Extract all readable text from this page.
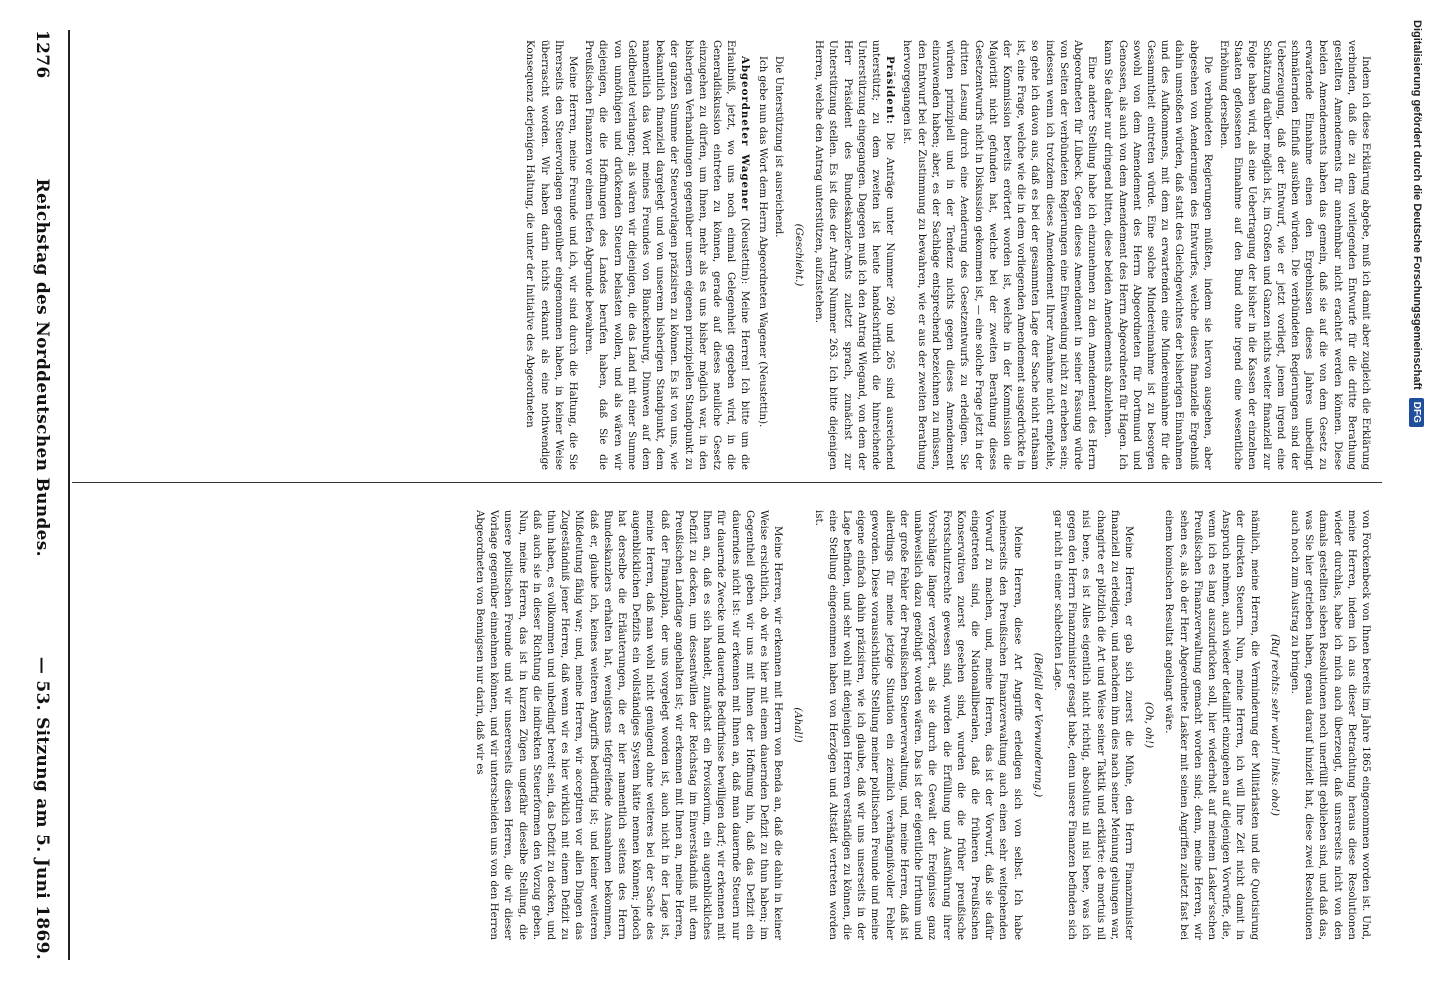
1276
Reichstag des Norddeutschen Bundes.
— 53. Sitzung am 5. Juni 1869.

Indem ich diese Erklärung abgebe, muß ich damit aber zugleich die Erklärung verbinden, daß die zu dem vorliegenden Entwurfe für die dritte Berathung gestellten Amendements für annehmbar nicht erachtet werden können. Diese beiden Amendements haben das gemein, daß sie auf die von dem Gesetz zu erwartende Einnahme einen den Ergebnissen dieses Jahres unbedingt schmälernden Einfluß ausüben würden. Die verbündeten Regierungen sind der Ueberzeugung, daß der Entwurf, wie er jetzt vorliegt, jenem irgend eine Schätzung darüber möglich ist, im Großen und Ganzen nichts weiter finanziell zur Folge haben wird, als eine Uebertragung der bisher in die Kassen der einzelnen Staaten geflossenen Einnahme auf den Bund ohne irgend eine wesentliche Erhöhung derselben.

Die verbündeten Regierungen müßten, indem sie hiervon ausgehen, aber abgesehen von Aenderungen des Entwurfes, welche dieses finanzielle Ergebniß dahin umstoßen würden, daß statt des Gleichgewichtes der bisherigen Einnahmen und des Aufkommens, mit dem zu erwartenden eine Mindereinnahme für die Gesammtheit eintreten würde. Eine solche Mindereinnahme ist zu besorgen sowohl von dem Amendement des Herrn Abgeordneten für Dortmund und Genossen, als auch von dem Amendement des Herrn Abgeordneten für Hagen. Ich kann Sie daher nur dringend bitten, diese beiden Amendements abzulehnen.

Eine andere Stellung habe ich einzunehmen zu dem Amendement des Herrn Abgeordneten für Lübeck. Gegen dieses Amendement in seiner Fassung würde von Seiten der verbündeten Regierungen eine Einwendung nicht zu erheben sein; indessen wenn ich trotzdem dieses Amendement Ihrer Annahme nicht empfehle, so gehe ich davon aus, daß es bei der gesammten Lage der Sache nicht rathsam ist, eine Frage, welche wie die in dem vorliegenden Amendement ausgedrückte in der Kommission bereits erörtert worden ist, welche in der Kommission die Majorität nicht gefunden hat, welche bei der zweiten Berathung dieses Gesetzentwurfs nicht in Diskussion gekommen ist, — eine solche Frage jetzt in der dritten Lesung durch eine Aenderung des Gesetzentwurfs zu erledigen. Sie würden prinzipiell und in der Tendenz nichts gegen dieses Amendement einzuwenden haben; aber, es der Sachlage entsprechend bezeichnen zu müssen, den Entwurf bei der Zustimmung zu bewahren, wie er aus der zweiten Berathung hervorgegangen ist.

Präsident: Die Anträge unter Nummer 260 und 265 sind ausreichend unterstützt; zu dem zweiten ist heute handschriftlich die hinreichende Unterstützung eingegangen. Dagegen muß ich den Antrag Wiegand, von dem der Herr Präsident des Bundeskanzler-Amts zuletzt sprach, zunächst zur Unterstützung stellen. Es ist dies der Antrag Nummer 263. Ich bitte diejenigen Herren, welche den Antrag unterstützen, aufzustehen.

(Geschieht.)

Die Unterstützung ist ausreichend.

Ich gebe nun das Wort dem Herrn Abgeordneten Wagener (Neustettin).

Abgeordneter Wagener (Neustettin): Meine Herren! Ich bitte um die Erlaubniß, jetzt, wo uns noch einmal Gelegenheit gegeben wird, in die Generaldiskussion eintreten zu können, gerade auf dieses neuliche Gesetz einzugehen zu dürfen, um Ihnen, mehr als es uns bisher möglich war, in den bisherigen Verhandlungen gegenüber unsern eigenen prinzipiellen Standpunkt zu der ganzen Summe der Steuervorlagen präzisiren zu können. Es ist von uns, wie bekanntlich finanziell dargelegt und von unserem bisherigen Standpunkt, dem namentlich das Wort meines Freundes von Blanckenburg, Dinnwen auf dem Geldbeutel verlangen; als wären wir diejenigen, die das Land mit einer Summe von unnöthigen und drückenden Steuern belasten wollen, und als wären wir diejenigen, die die Hoffnungen des Landes berufen haben, daß Sie die Preußischen Finanzen vor einem tiefen Abgrunde bewahren.

Meine Herren, meine Freunde und ich, wir sind durch die Haltung, die Sie Ihrerseits den Steuervorlagen gegenüber eingenommen haben, in keiner Weise überrascht worden. Wir haben darin nichts erkannt als eine nothwendige Konsequenz derjenigen Haltung, die unter der Initiative des Abgeordneten

von Forckenbeck von Ihnen bereits im Jahre 1865 eingenommen worden ist. Und, meine Herren, indem ich aus dieser Betrachtung heraus diese Resolutionen wieder durchlas, habe ich mich auch überzeugt, daß unsrerseits nicht von den damals gestellten sieben Resolutionen noch unerfüllt geblieben sind, und daß das, was Sie hier getrieben haben, genau darauf hinzielt hat, diese zwei Resolutionen auch noch zum Austrag zu bringen.

(Ruf rechts: sehr wahr! links: oho!)

nämlich, meine Herren, die Verminderung der Militärlasten und die Quotisirung der direkten Steuern. Nun, meine Herren, ich will Ihre Zeit nicht damit in Anspruch nehmen, auch wieder detaillirt einzugehen auf diejenigen Vorwürfe, die, wenn ich es lang auszudrücken soll, hier wiederholt auf meinem Lasker'sschen Preußischen Finanzverwaltung gemacht worden sind; denn, meine Herren, wir sehen es, als ob der Herr Abgeordnete Lasker mit seinen Angriffen zuletzt fast bei einem komischen Resultat angelangt wäre.

(Oh, oh!)

Meine Herren, er gab sich zuerst die Mühe, den Herrn Finanzminister finanziell zu erledigen, und nachdem ihm dies nach seiner Meinung gelungen war, changirte er plötzlich die Art und Weise seiner Taktik und erklärte: de mortuis nil nisi bene, es ist Alles eigentlich nicht richtig, absolutus nil nisi bene, was ich gegen den Herrn Finanzminister gesagt habe, denn unsere Finanzen befinden sich gar nicht in einer schlechten Lage.

(Beifall der Verwunderung.)

Meine Herren, diese Art Angriffe erledigen sich von selbst. Ich habe meinerseits den Preußischen Finanzverwaltung auch einen sehr weitgehenden Vorwurf zu machen, und, meine Herren, das ist der Vorwurf, daß sie dafür eingetreten sind, die Nationalliberalen, daß die früheren Preußischen Konservativen zuerst gesehen sind, wurden die die früher preußische Forstschutzrechte gewesen sind, wurden die Erfüllung und Ausführung ihrer Vorschläge länger verzögert, als sie durch die Gewalt der Ereignisse ganz unabweislich dazu genöthigt worden wären. Das ist der eigentliche Irrthum und der große Fehler der Preußischen Steuerverwaltung, und, meine Herren, daß ist allerdings für meine jetzige Situation ein ziemlich verhängnißvoller Fehler geworden. Diese voraussichtliche Stellung meiner politischen Freunde und meine eigene einfach dahin präzisiren, wie ich glaube, daß wir uns unserseits in der Lage befinden, und sehr wohl mit denjenigen Herren verständigen zu können, die eine Stellung eingenommen haben von Herzögen und Altstädt vertreten worden ist.

(Ahal!)

Meine Herren, wir erkennen mit Herrn von Benda an, daß die dahin in keiner Weise ersichtlich, ob wir es hier mit einem dauernden Defizit zu thun haben; im Gegentheil geben wir uns mit Ihnen der Hoffnung hin, daß das Defizit ein dauerndes nicht ist: wir erkennen mit Ihnen an, daß man dauernde Steuern nur für dauernde Zwecke und dauernde Bedürfnisse bewilligen darf; wir erkennen mit Ihnen an, daß es sich handelt, zunächst ein Provisorium, ein augenblickliches Defizit zu decken, um dessentwillen der Reichstag im Einverständniß mit dem Preußischen Landtage angehalten ist; wir erkennen mit Ihnen an, meine Herren, daß der Finanzplan, der uns vorgelegt worden ist, auch nicht in der Lage ist, meine Herren, daß man wohl nicht genügend ohne weiteres bei der Sache des augenblicklichen Defizits ein vollständiges System hätte nennen können; jedoch hat derselbe die Erläuterungen, die er hier namentlich seitens des Herrn Bundeskanzlers erhalten hat, wenigstens tiefgreifende Ausnahmen bekommen, daß er, glaube ich, keines weiteren Angriffs bedürftig ist; und keiner weiteren Mißdeutung fähig war; und, meine Herren, wir acceptiren vor allen Dingen das Zugeständniß jener Herren, daß wenn wir es hier wirklich mit einem Defizit zu thun haben, es vollkommen und unbedingt bereit sein, das Defizit zu decken, und daß auch sie in dieser Richtung die indirekten Steuerformen den Vorzug geben. Nun, meine Herren, das ist in kurzen Zügen ungefähr dieselbe Stellung, die unsere politischen Freunde und wir unsererseits diesen Herren, die wir dieser Vorlage gegenüber einnehmen können, und wir unterscheiden uns von den Herren Abgeordneten von Bennigsen nur darin, daß wir es

Digitalisierung gefördert durch die Deutsche Forschungsgemeinschaft
DFG
